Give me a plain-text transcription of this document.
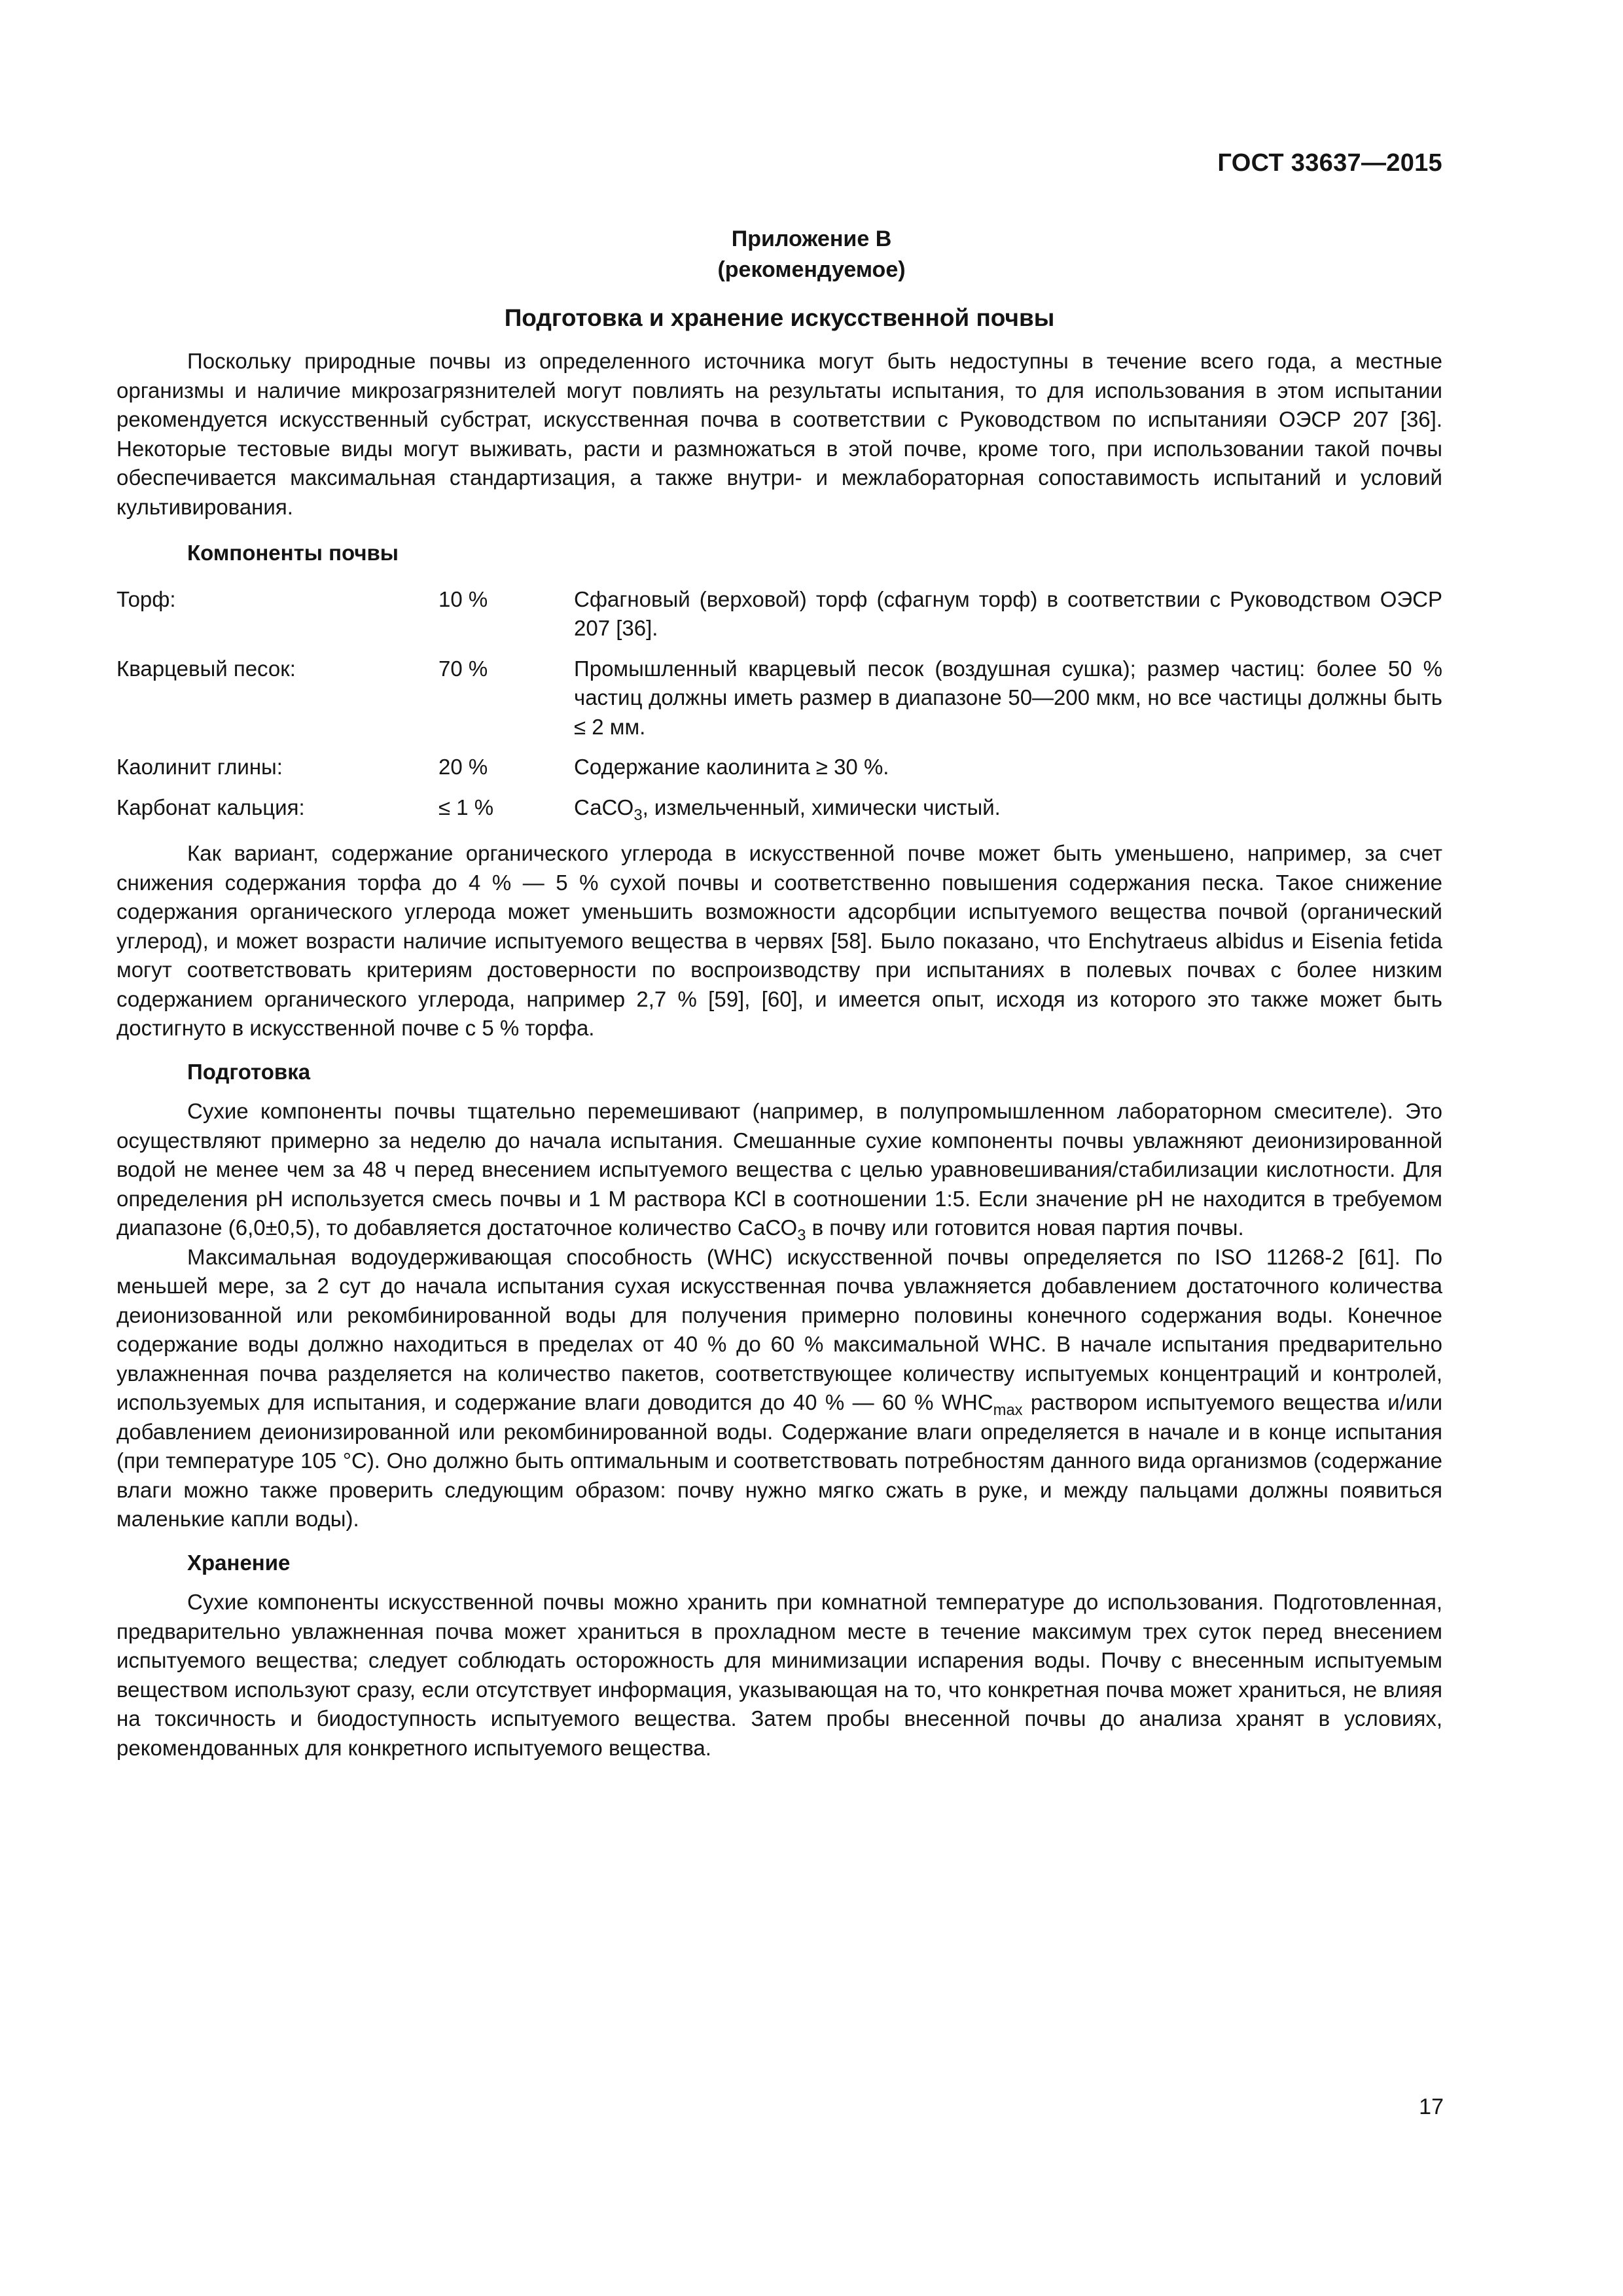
ГОСТ 33637—2015
Приложение В
(рекомендуемое)
Подготовка и хранение искусственной почвы

Поскольку природные почвы из определенного источника могут быть недоступны в течение всего года, а местные организмы и наличие микрозагрязнителей могут повлиять на результаты испытания, то для использования в этом испытании рекомендуется искусственный субстрат, искусственная почва в соответствии с Руководством по испытанияи ОЭСР 207 [36]. Некоторые тестовые виды могут выживать, расти и размножаться в этой почве, кроме того, при использовании такой почвы обеспечивается максимальная стандартизация, а также внутри- и межлабораторная сопоставимость испытаний и условий культивирования.

Компоненты почвы
Торф:	10 %	Сфагновый (верховой) торф (сфагнум торф) в соответствии с Руководством ОЭСР 207 [36].
Кварцевый песок:	70 %	Промышленный кварцевый песок (воздушная сушка); размер частиц: более 50 % частиц должны иметь размер в диапазоне 50—200 мкм, но все частицы должны быть ≤ 2 мм.
Каолинит глины:	20 %	Содержание каолинита ≥ 30 %.
Карбонат кальция:	≤ 1 %	СаСО$_3$, измельченный, химически чистый.

Как вариант, содержание органического углерода в искусственной почве может быть уменьшено, например, за счет снижения содержания торфа до 4 % — 5 % сухой почвы и соответственно повышения содержания песка. Такое снижение содержания органического углерода может уменьшить возможности адсорбции испытуемого вещества почвой (органический углерод), и может возрасти наличие испытуемого вещества в червях [58]. Было показано, что Enchytraeus albidus и Eisenia fetida могут соответствовать критериям достоверности по воспроизводству при испытаниях в полевых почвах с более низким содержанием органического углерода, например 2,7 % [59], [60], и имеется опыт, исходя из которого это также может быть достигнуто в искусственной почве с 5 % торфа.

Подготовка

Сухие компоненты почвы тщательно перемешивают (например, в полупромышленном лабораторном смесителе). Это осуществляют примерно за неделю до начала испытания. Смешанные сухие компоненты почвы увлажняют деионизированной водой не менее чем за 48 ч перед внесением испытуемого вещества с целью уравновешивания/стабилизации кислотности. Для определения рН используется смесь почвы и 1 М раствора КСl в соотношении 1:5. Если значение рН не находится в требуемом диапазоне (6,0±0,5), то добавляется достаточное количество СаСО$_3$ в почву или готовится новая партия почвы.

Максимальная водоудерживающая способность (WHC) искусственной почвы определяется по ISO 11268-2 [61]. По меньшей мере, за 2 сут до начала испытания сухая искусственная почва увлажняется добавлением достаточного количества деионизованной или рекомбинированной воды для получения примерно половины конечного содержания воды. Конечное содержание воды должно находиться в пределах от 40 % до 60 % максимальной WHC. В начале испытания предварительно увлажненная почва разделяется на количество пакетов, соответствующее количеству испытуемых концентраций и контролей, используемых для испытания, и содержание влаги доводится до 40 % — 60 % $WHC_{max}$ раствором испытуемого вещества и/или добавлением деионизированной или рекомбинированной воды. Содержание влаги определяется в начале и в конце испытания (при температуре 105 °С). Оно должно быть оптимальным и соответствовать потребностям данного вида организмов (содержание влаги можно также проверить следующим образом: почву нужно мягко сжать в руке, и между пальцами должны появиться маленькие капли воды).

Хранение

Сухие компоненты искусственной почвы можно хранить при комнатной температуре до использования. Подготовленная, предварительно увлажненная почва может храниться в прохладном месте в течение максимум трех суток перед внесением испытуемого вещества; следует соблюдать осторожность для минимизации испарения воды. Почву с внесенным испытуемым веществом используют сразу, если отсутствует информация, указывающая на то, что конкретная почва может храниться, не влияя на токсичность и биодоступность испытуемого вещества. Затем пробы внесенной почвы до анализа хранят в условиях, рекомендованных для конкретного испытуемого вещества.

17
